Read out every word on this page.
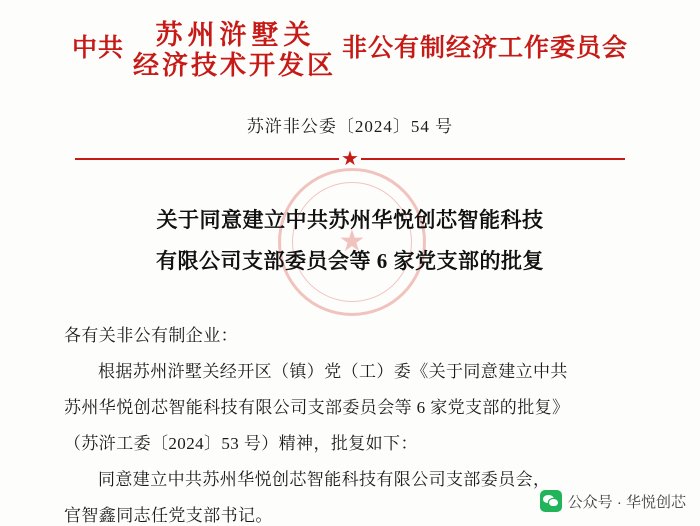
中共 苏州浒墅关
经济技术开发区
非公有制经济工作委员会
苏浒非公委〔2024〕54 号
★
★
关于同意建立中共苏州华悦创芯智能科技
有限公司支部委员会等 6 家党支部的批复

各有关非公有制企业：

根据苏州浒墅关经开区（镇）党（工）委《关于同意建立中共

苏州华悦创芯智能科技有限公司支部委员会等 6 家党支部的批复》

（苏浒工委〔2024〕53 号）精神，批复如下：

同意建立中共苏州华悦创芯智能科技有限公司支部委员会，

官智鑫同志任党支部书记。

公众号 · 华悦创芯
